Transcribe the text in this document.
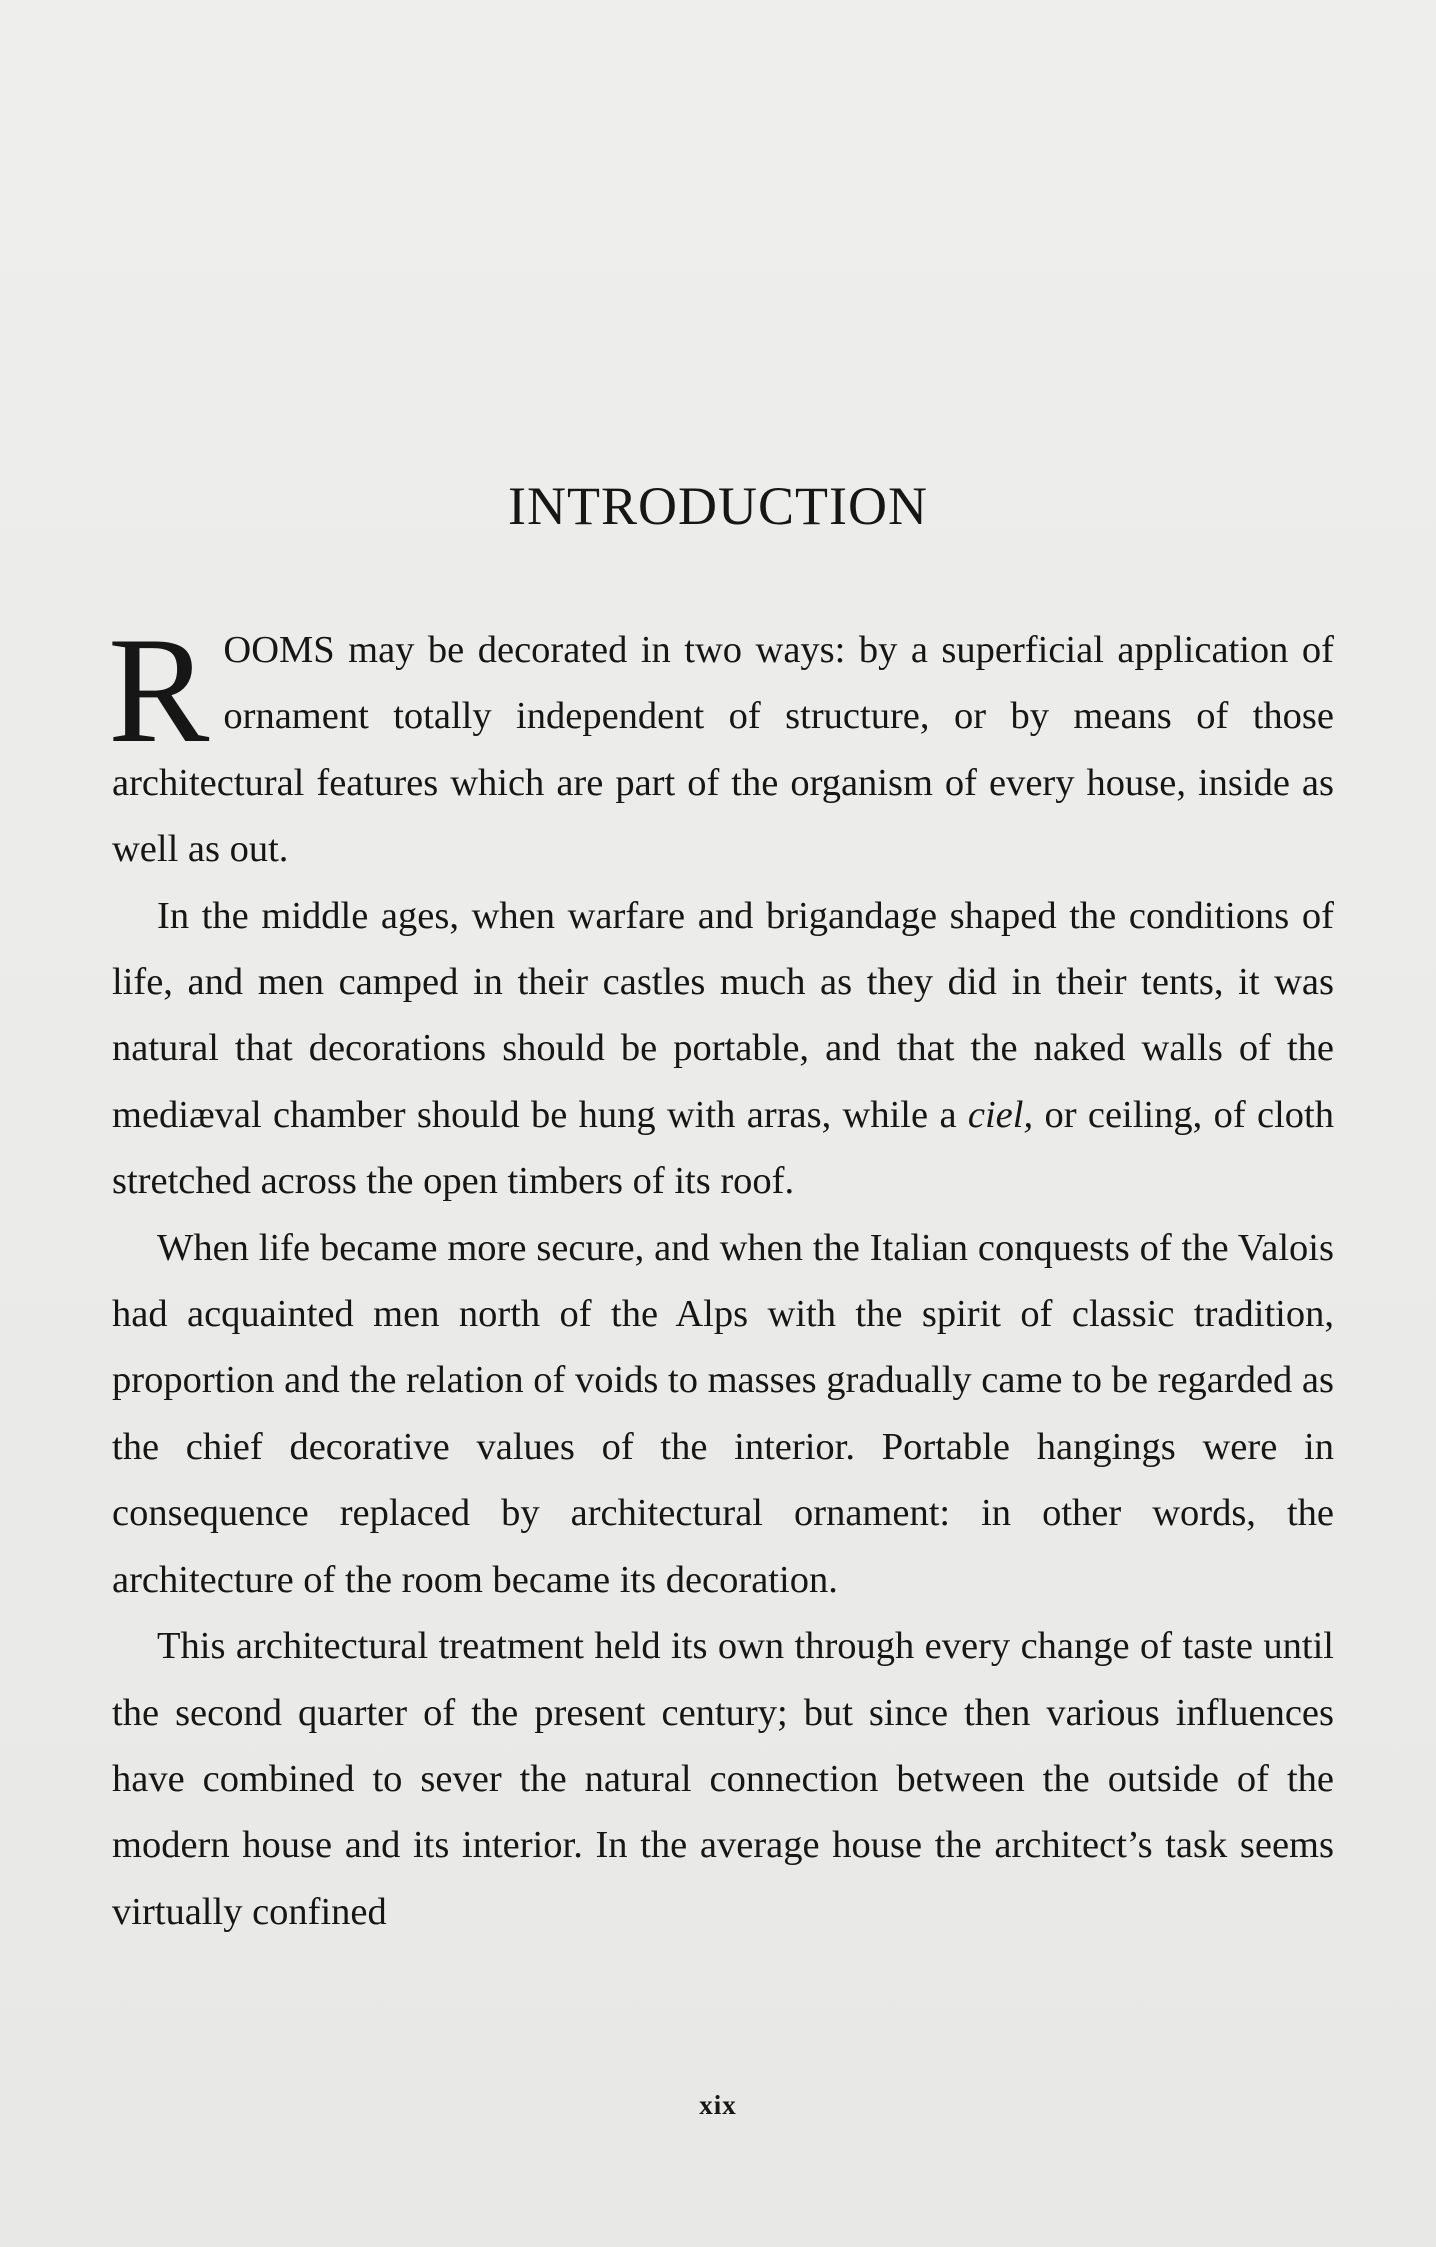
INTRODUCTION

ROOMS may be decorated in two ways: by a superficial application of ornament totally independent of structure, or by means of those architectural features which are part of the organism of every house, inside as well as out.

In the middle ages, when warfare and brigandage shaped the conditions of life, and men camped in their castles much as they did in their tents, it was natural that decorations should be portable, and that the naked walls of the mediæval chamber should be hung with arras, while a ciel, or ceiling, of cloth stretched across the open timbers of its roof.

When life became more secure, and when the Italian conquests of the Valois had acquainted men north of the Alps with the spirit of classic tradition, proportion and the relation of voids to masses gradually came to be regarded as the chief decorative values of the interior. Portable hangings were in consequence replaced by architectural ornament: in other words, the architecture of the room became its decoration.

This architectural treatment held its own through every change of taste until the second quarter of the present century; but since then various influences have combined to sever the natural connection between the outside of the modern house and its interior. In the average house the architect’s task seems virtually confined

xix
